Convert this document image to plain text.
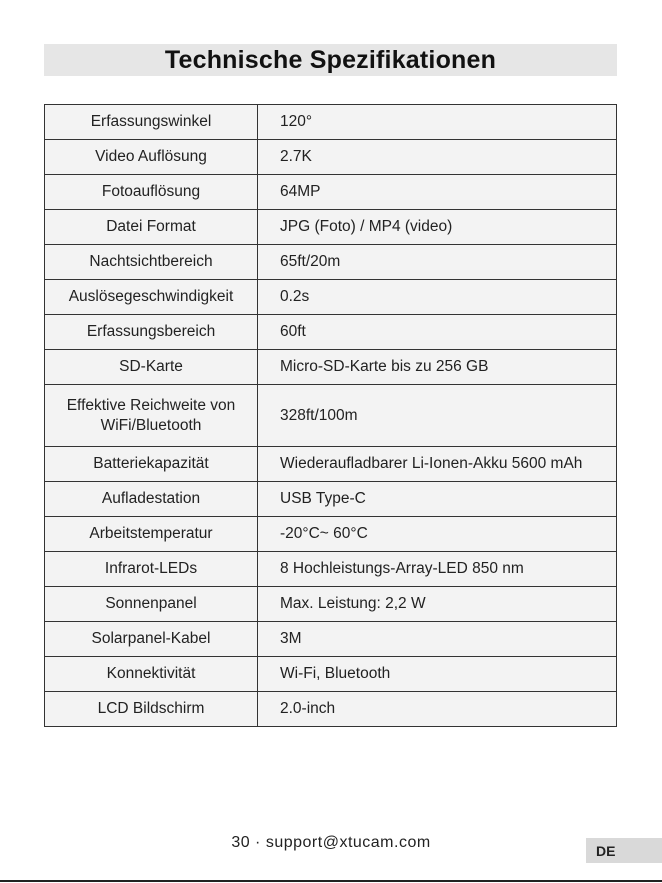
Technische Spezifikationen
Erfassungswinkel	120°
Video Auflösung	2.7K
Fotoauflösung	64MP
Datei Format	JPG (Foto) / MP4 (video)
Nachtsichtbereich	65ft/20m
Auslösegeschwindigkeit	0.2s
Erfassungsbereich	60ft
SD-Karte	Micro-SD-Karte bis zu 256 GB
Effektive Reichweite von WiFi/Bluetooth	328ft/100m
Batteriekapazität	Wiederaufladbarer Li-Ionen-Akku 5600 mAh
Aufladestation	USB Type-C
Arbeitstemperatur	-20°C~ 60°C
Infrarot-LEDs	8 Hochleistungs-Array-LED 850 nm
Sonnenpanel	Max. Leistung: 2,2 W
Solarpanel-Kabel	3M
Konnektivität	Wi-Fi, Bluetooth
LCD Bildschirm	2.0-inch
30 · support@xtucam.com	DE
